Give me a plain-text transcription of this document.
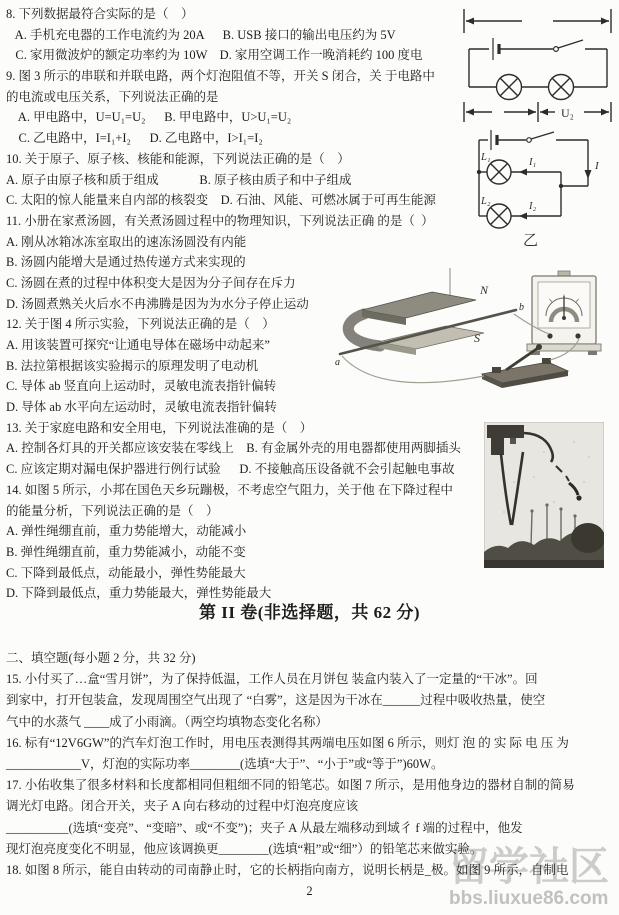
留学社区
bbs.liuxue86.com
8. 下列数据最符合实际的是（    ）
A. 手机充电器的工作电流约为 20A      B. USB 接口的输出电压约为 5V
C. 家用微波炉的额定功率约为 10W    D. 家用空调工作一晚消耗约 100 度电
9. 图 3 所示的串联和并联电路，两个灯泡阻值不等，开关 S 闭合，关 于电路中
的电流或电压关系，下列说法正确的是
A. 甲电路中，U=U₁=U₂      B. 甲电路中，U>U₁=U₂
C. 乙电路中，I=I₁+I₂      D. 乙电路中，I>I₁=I₂
10. 关于原子、原子核、核能和能源，下列说法正确的是（    ）
A. 原子由原子核和质于组成             B. 原子核由质子和中子组成
C. 太阳的惊人能量来自内部的核裂变    D. 石油、风能、可燃冰属于可再生能源
11. 小册在家煮汤圆，有关煮汤圆过程中的物理知识，下列说法正确 的是（  ）
A. 刚从冰箱冰冻室取出的速冻汤圆没有内能
B. 汤圆内能增大是通过热传递方式来实现的
C. 汤圆在煮的过程中体积变大是因为分子间存在斥力
D. 汤圆煮熟关火后水不冉沸腾是因为为水分子停止运动
12. 关于图 4 所示实验，下列说法正确的是（    ）
A. 用该装置可探究“让通电导体在磁场中动起来”
B. 法拉第根据该实验揭示的原理发明了电动机
C. 导体 ab 竖直向上运动时，灵敏电流表指针偏转
D. 导体 ab 水平向左运动时，灵敏电流表指针偏转
13. 关于家庭电路和安全用电，下列说法准确的是（    ）
A. 控制各灯具的开关都应该安装在零线上    B. 有金属外壳的用电器都使用两脚插头
C. 应该定期对漏电保护器进行例行试验      D. 不接触高压设备就不会引起触电事故
14. 如图 5 所示，小邦在国色天乡玩蹦极，不考虑空气阻力，关于他 在下降过程中
的能量分析，下列说法正确的是（    ）
A. 弹性绳绷直前，重力势能增大，动能减小
B. 弹性绳绷直前，重力势能减小，动能不变
C. 下降到最低点，动能最小，弹性势能最大
D. 下降到最低点，重力势能最大，弹性势能最大
第 II 卷(非选择题，共 62 分)
二、填空题(每小题 2 分，共 32 分)
15. 小付买了…盒“雪月饼”，为了保持低温，工作人员在月饼包 装盒内装入了一定量的“干冰”。回
到家中，打开包装盒，发现周围空气出现了 “白雾”，这是因为干冰在______过程中吸收热量，使空
气中的水蒸气 ____成了小雨滴。（两空均填物态变化名称）
16. 标有“12V6GW”的汽车灯泡工作时，用电压表测得其两端电压如图 6 所示，则灯 泡 的 实 际 电 压 为
____________V，灯泡的实际功率________(选填“大于”、“小于”或“等于”)60W。
17. 小佑收集了很多材料和长度都相同但粗细不同的铅笔芯。如图 7 所示，是用他身边的器材自制的简易
调光灯电路。闭合开关，夹子 A 向右移动的过程中灯泡亮度应该
__________(选填“变亮”、“变暗”、或“不变”)；夹子 A 从最左端移动到域彳 f 端的过程中，他发
现灯泡亮度变化不明显，他应该调换更________(选填“粗”或“细”）的铅笔芯来做实验。
18. 如图 8 所示，能自由转动的司南静止时，它的长柄指向南方，说明长柄是_极。如图 9 所示，自制电
U₂
I
I₁
L₁
I₂
L₂
乙
N
S
a
b
2
